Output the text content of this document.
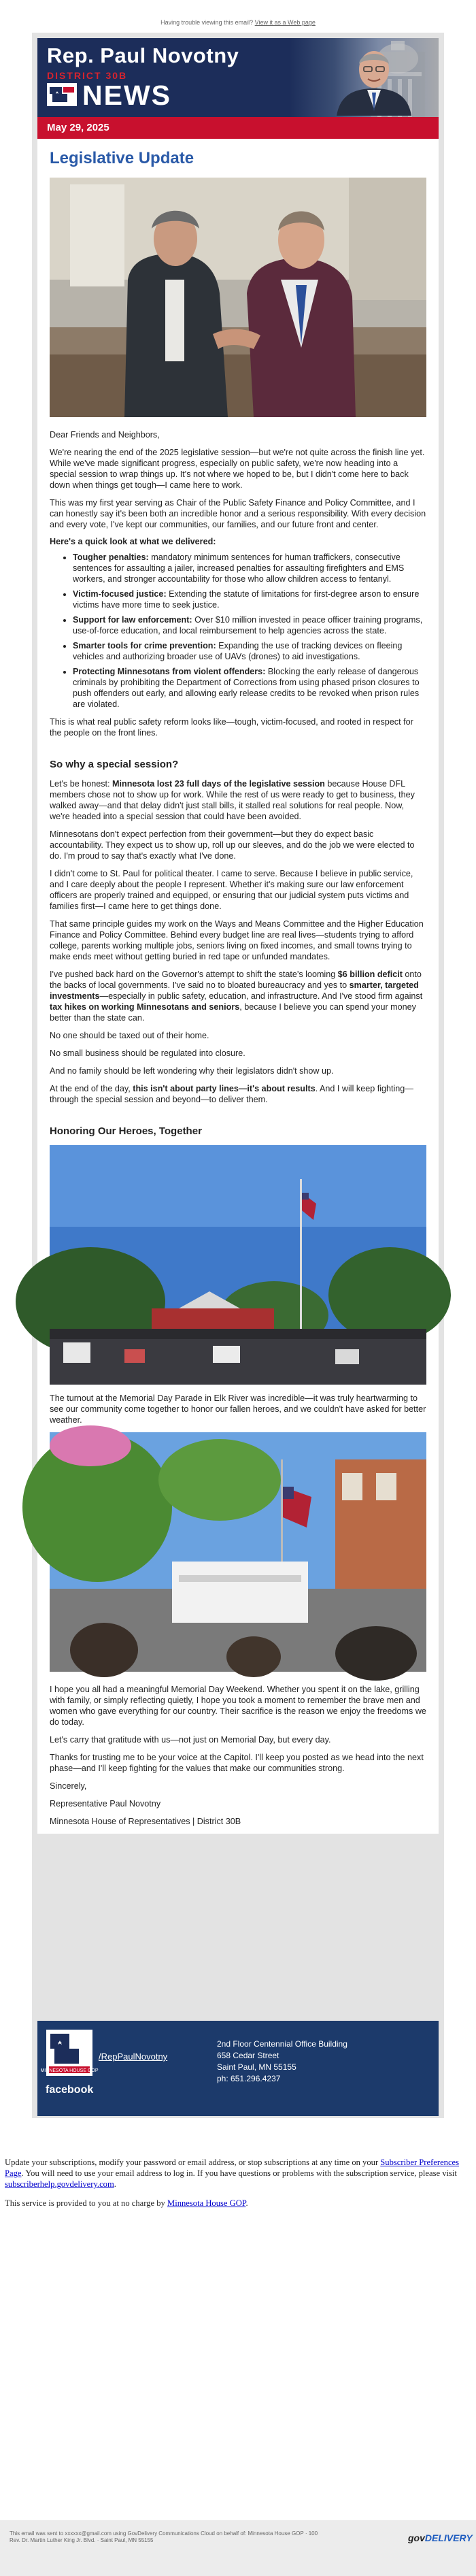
Having trouble viewing this email? View it as a Web page
Rep. Paul Novotny
DISTRICT 30B
NEWS
May 29, 2025
Legislative Update

Dear Friends and Neighbors,

We're nearing the end of the 2025 legislative session—but we're not quite across the finish line yet. While we've made significant progress, especially on public safety, we're now heading into a special session to wrap things up. It's not where we hoped to be, but I didn't come here to back down when things get tough—I came here to work.

This was my first year serving as Chair of the Public Safety Finance and Policy Committee, and I can honestly say it's been both an incredible honor and a serious responsibility. With every decision and every vote, I've kept our communities, our families, and our future front and center.

Here's a quick look at what we delivered:
• Tougher penalties: mandatory minimum sentences for human traffickers, consecutive sentences for assaulting a jailer, increased penalties for assaulting firefighters and EMS workers, and stronger accountability for those who allow children access to fentanyl.
• Victim-focused justice: Extending the statute of limitations for first-degree arson to ensure victims have more time to seek justice.
• Support for law enforcement: Over $10 million invested in peace officer training programs, use-of-force education, and local reimbursement to help agencies across the state.
• Smarter tools for crime prevention: Expanding the use of tracking devices on fleeing vehicles and authorizing broader use of UAVs (drones) to aid investigations.
• Protecting Minnesotans from violent offenders: Blocking the early release of dangerous criminals by prohibiting the Department of Corrections from using phased prison closures to push offenders out early, and allowing early release credits to be revoked when prison rules are violated.

This is what real public safety reform looks like—tough, victim-focused, and rooted in respect for the people on the front lines.

So why a special session?

Let's be honest: Minnesota lost 23 full days of the legislative session because House DFL members chose not to show up for work. While the rest of us were ready to get to business, they walked away—and that delay didn't just stall bills, it stalled real solutions for real people. Now, we're headed into a special session that could have been avoided.

Minnesotans don't expect perfection from their government—but they do expect basic accountability. They expect us to show up, roll up our sleeves, and do the job we were elected to do. I'm proud to say that's exactly what I've done.

I didn't come to St. Paul for political theater. I came to serve. Because I believe in public service, and I care deeply about the people I represent. Whether it's making sure our law enforcement officers are properly trained and equipped, or ensuring that our judicial system puts victims and families first—I came here to get things done.

That same principle guides my work on the Ways and Means Committee and the Higher Education Finance and Policy Committee. Behind every budget line are real lives—students trying to afford college, parents working multiple jobs, seniors living on fixed incomes, and small towns trying to make ends meet without getting buried in red tape or unfunded mandates.

I've pushed back hard on the Governor's attempt to shift the state's looming $6 billion deficit onto the backs of local governments. I've said no to bloated bureaucracy and yes to smarter, targeted investments—especially in public safety, education, and infrastructure. And I've stood firm against tax hikes on working Minnesotans and seniors, because I believe you can spend your money better than the state can.

No one should be taxed out of their home.

No small business should be regulated into closure.

And no family should be left wondering why their legislators didn't show up.

At the end of the day, this isn't about party lines—it's about results. And I will keep fighting—through the special session and beyond—to deliver them.

Honoring Our Heroes, Together

The turnout at the Memorial Day Parade in Elk River was incredible—it was truly heartwarming to see our community come together to honor our fallen heroes, and we couldn't have asked for better weather.

I hope you all had a meaningful Memorial Day Weekend. Whether you spent it on the lake, grilling with family, or simply reflecting quietly, I hope you took a moment to remember the brave men and women who gave everything for our country. Their sacrifice is the reason we enjoy the freedoms we do today.

Let's carry that gratitude with us—not just on Memorial Day, but every day.

Thanks for trusting me to be your voice at the Capitol. I'll keep you posted as we head into the next phase—and I'll keep fighting for the values that make our communities strong.

Sincerely,

Representative Paul Novotny

Minnesota House of Representatives | District 30B

MINNESOTA HOUSE GOP
facebook
/RepPaulNovotny
2nd Floor Centennial Office Building
658 Cedar Street
Saint Paul, MN 55155
ph: 651.296.4237

Update your subscriptions, modify your password or email address, or stop subscriptions at any time on your Subscriber Preferences Page. You will need to use your email address to log in. If you have questions or problems with the subscription service, please visit subscriberhelp.govdelivery.com.

This service is provided to you at no charge by Minnesota House GOP.

This email was sent to xxxxxx@gmail.com using GovDelivery Communications Cloud on behalf of: Minnesota House GOP · 100
Rev. Dr. Martin Luther King Jr. Blvd. · Saint Paul, MN 55155	govDELIVERY
